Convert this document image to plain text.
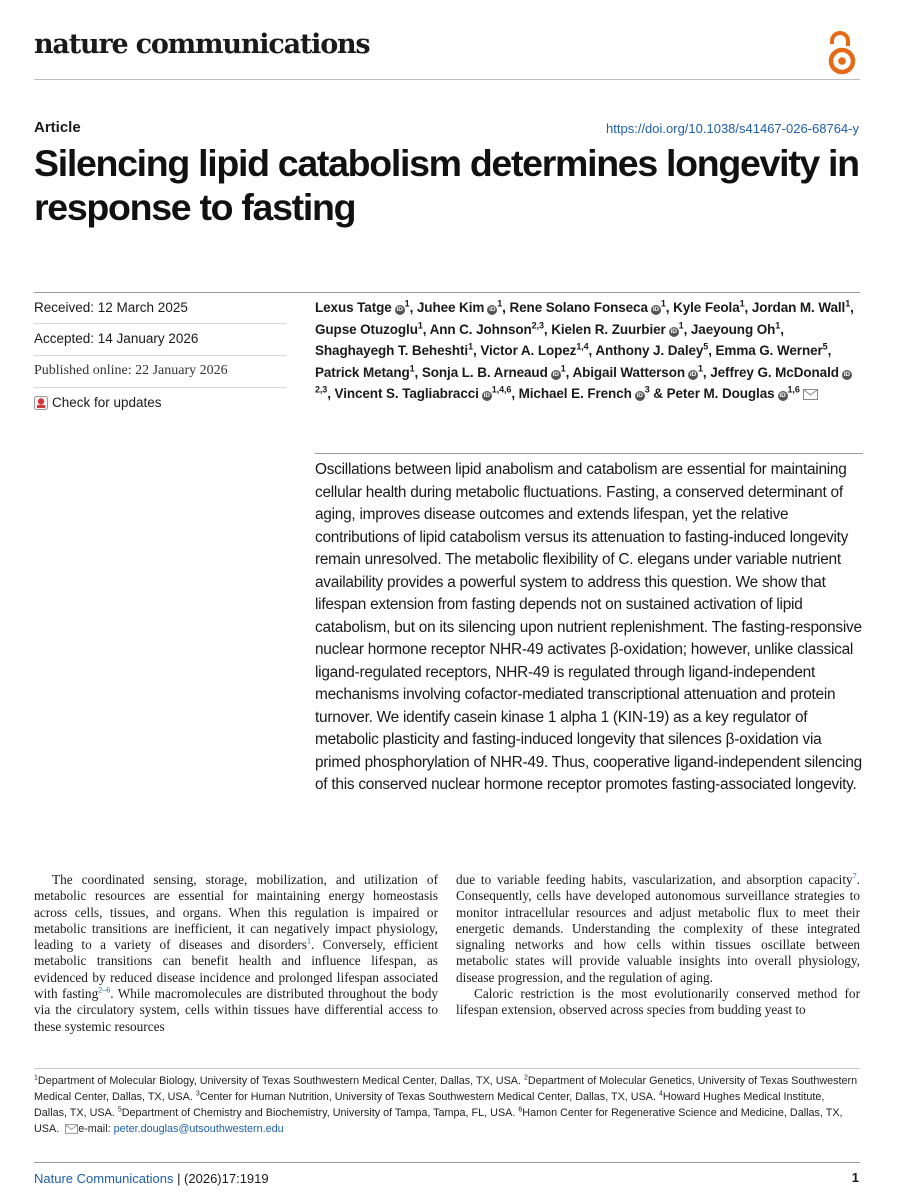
nature communications
Article	https://doi.org/10.1038/s41467-026-68764-y
Silencing lipid catabolism determines longevity in response to fasting
Received: 12 March 2025
Accepted: 14 January 2026
Published online: 22 January 2026
Check for updates
Lexus Tatge $iD^1$, Juhee Kim $iD^1$, Rene Solano Fonseca $iD^1$, Kyle Feola$^1$, Jordan M. Wall$^1$, Gupse Otuzoglu$^1$, Ann C. Johnson$^{2,3}$, Kielen R. Zuurbier $iD^1$, Jaeyoung Oh$^1$, Shaghayegh T. Beheshti$^1$, Victor A. Lopez$^{1,4}$, Anthony J. Daley$^5$, Emma G. Werner$^5$, Patrick Metang$^1$, Sonja L. B. Arneaud $iD^1$, Abigail Watterson $iD^1$, Jeffrey G. McDonald iD$^{2,3}$, Vincent S. Tagliabracci iD$^{1,4,6}$, Michael E. French $iD^3$ & Peter M. Douglas iD$^{1,6}$

Oscillations between lipid anabolism and catabolism are essential for maintaining cellular health during metabolic fluctuations. Fasting, a conserved determinant of aging, improves disease outcomes and extends lifespan, yet the relative contributions of lipid catabolism versus its attenuation to fasting-induced longevity remain unresolved. The metabolic flexibility of C. elegans under variable nutrient availability provides a powerful system to address this question. We show that lifespan extension from fasting depends not on sustained activation of lipid catabolism, but on its silencing upon nutrient replenishment. The fasting-responsive nuclear hormone receptor NHR-49 activates β-oxidation; however, unlike classical ligand-regulated receptors, NHR-49 is regulated through ligand-independent mechanisms involving cofactor-mediated transcriptional attenuation and protein turnover. We identify casein kinase 1 alpha 1 (KIN-19) as a key regulator of metabolic plasticity and fasting-induced longevity that silences β-oxidation via primed phosphorylation of NHR-49. Thus, cooperative ligand-independent silencing of this conserved nuclear hormone receptor promotes fasting-associated longevity.

The coordinated sensing, storage, mobilization, and utilization of metabolic resources are essential for maintaining energy homeostasis across cells, tissues, and organs. When this regulation is impaired or metabolic transitions are inefficient, it can negatively impact physiology, leading to a variety of diseases and disorders$^1$. Conversely, efficient metabolic transitions can benefit health and influence lifespan, as evidenced by reduced disease incidence and prolonged lifespan associated with fasting$^{2-6}$. While macromolecules are distributed throughout the body via the circulatory system, cells within tissues have differential access to these systemic resources

due to variable feeding habits, vascularization, and absorption capacity$^7$. Consequently, cells have developed autonomous surveillance strategies to monitor intracellular resources and adjust metabolic flux to meet their energetic demands. Understanding the complexity of these integrated signaling networks and how cells within tissues oscillate between metabolic states will provide valuable insights into overall physiology, disease progression, and the regulation of aging.

Caloric restriction is the most evolutionarily conserved method for lifespan extension, observed across species from budding yeast to

$^1$Department of Molecular Biology, University of Texas Southwestern Medical Center, Dallas, TX, USA. $^2$Department of Molecular Genetics, University of Texas Southwestern Medical Center, Dallas, TX, USA. $^3$Center for Human Nutrition, University of Texas Southwestern Medical Center, Dallas, TX, USA. $^4$Howard Hughes Medical Institute, Dallas, TX, USA. $^5$Department of Chemistry and Biochemistry, University of Tampa, Tampa, FL, USA. $^6$Hamon Center for Regenerative Science and Medicine, Dallas, TX, USA. e-mail: peter.douglas@utsouthwestern.edu
Nature Communications | (2026)17:1919	1
